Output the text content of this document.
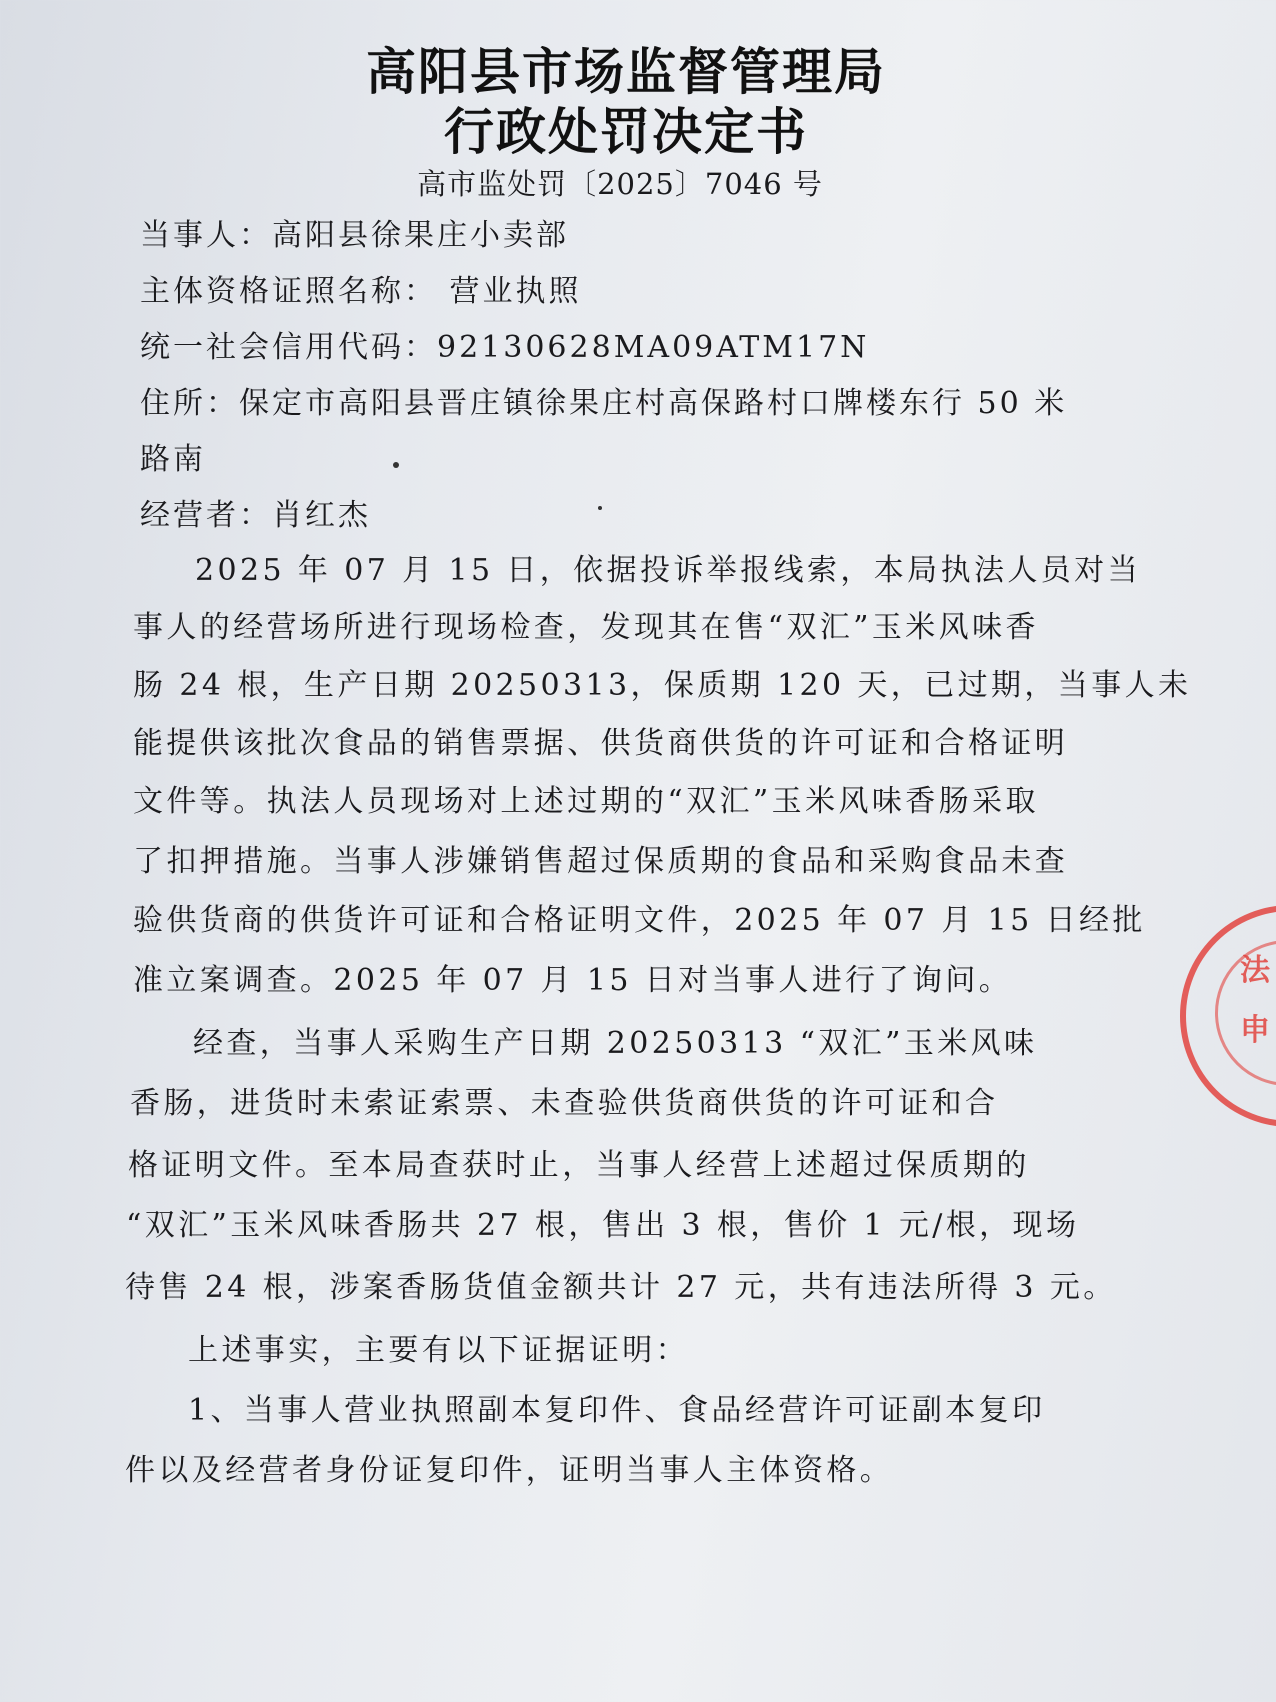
高阳县市场监督管理局
行政处罚决定书
高市监处罚〔2025〕7046 号
当事人：高阳县徐果庄小卖部
主体资格证照名称： 营业执照
统一社会信用代码：92130628MA09ATM17N
住所：保定市高阳县晋庄镇徐果庄村高保路村口牌楼东行 50 米
路南
经营者：肖红杰
2025 年 07 月 15 日，依据投诉举报线索，本局执法人员对当
事人的经营场所进行现场检查，发现其在售“双汇”玉米风味香
肠 24 根，生产日期 20250313，保质期 120 天，已过期，当事人未
能提供该批次食品的销售票据、供货商供货的许可证和合格证明
文件等。执法人员现场对上述过期的“双汇”玉米风味香肠采取
了扣押措施。当事人涉嫌销售超过保质期的食品和采购食品未查
验供货商的供货许可证和合格证明文件，2025 年 07 月 15 日经批
准立案调查。2025 年 07 月 15 日对当事人进行了询问。
经查，当事人采购生产日期 20250313 “双汇”玉米风味
香肠，进货时未索证索票、未查验供货商供货的许可证和合
格证明文件。至本局查获时止，当事人经营上述超过保质期的
“双汇”玉米风味香肠共 27 根，售出 3 根，售价 1 元/根，现场
待售 24 根，涉案香肠货值金额共计 27 元，共有违法所得 3 元。
上述事实，主要有以下证据证明：
1、当事人营业执照副本复印件、食品经营许可证副本复印
件以及经营者身份证复印件，证明当事人主体资格。
法
申
